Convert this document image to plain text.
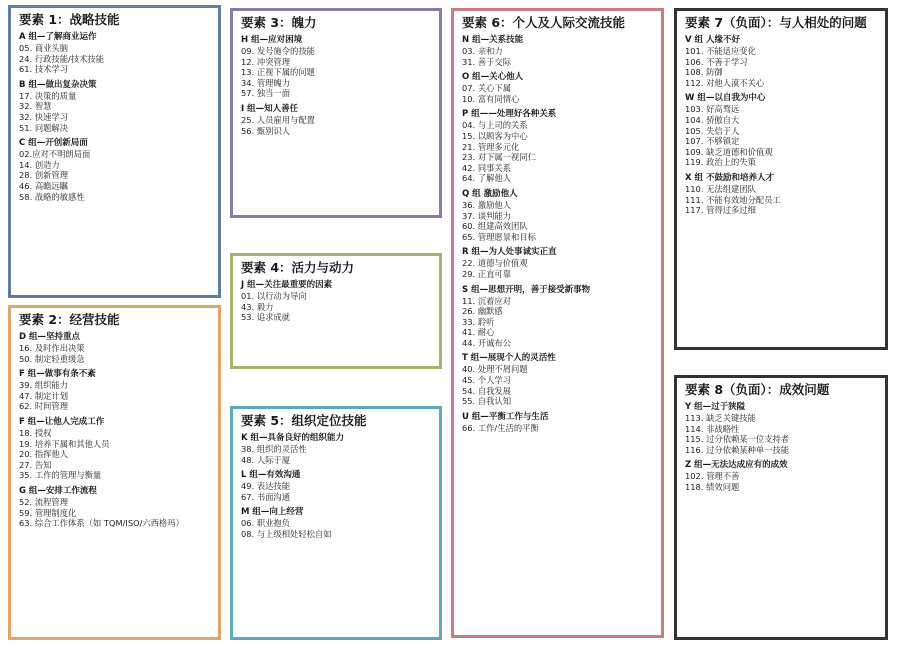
要素 1：战略技能
A 组—了解商业运作
05. 商业头脑
24. 行政技能/技术技能
61. 技术学习
B 组—做出复杂决策
17. 决策的质量
32. 智慧
32. 快速学习
51. 问题解决
C 组—开创新局面
02.应对不明朗局面
14. 创造力
28. 创新管理
46. 高瞻远瞩
58. 战略的敏感性
要素 2：经营技能
D 组—坚持重点
16. 及时作出决策
50. 制定轻重缓急
F 组—做事有条不紊
39. 组织能力
47. 制定计划
62. 时间管理
F 组—让他人完成工作
18. 授权
19. 培养下属和其他人员
20. 指挥他人
27. 告知
35. 工作的管理与衡量
G 组—安排工作流程
52. 流程管理
59. 管理制度化
63. 综合工作体系（如 TQM/ISO/六西格玛）
要素 3：魄力
H 组—应对困境
09. 发号施令的技能
12. 冲突管理
13. 正视下属的问题
34. 管理魄力
57. 独当一面
I 组—知人善任
25. 人员雇用与配置
56. 甄别识人
要素 4：活力与动力
J 组—关注最重要的因素
01. 以行动为导向
43. 毅力
53. 追求成就
要素 5：组织定位技能
K 组—具备良好的组织能力
38. 组织的灵活性
48. 人际于厦
L 组—有效沟通
49. 表达技能
67. 书面沟通
M 组—向上经营
06. 职业抱负
08. 与上级相处轻松自如
要素 6：个人及人际交流技能
N 组—关系技能
03. 亲和力
31. 善于交际
O 组—关心他人
07. 关心下属
10. 富有同情心
P 组——处理好各种关系
04. 与上司的关系
15. 以顾客为中心
21. 管理多元化
23. 对下属一视同仁
42. 同事关系
64. 了解他人
Q 组 激励他人
36. 激励他人
37. 谈判能力
60. 组建高效团队
65. 管理愿景和目标
R 组—为人处事诚实正直
22. 道德与价值观
29. 正直可靠
S 组—思想开明，善于接受新事物
11. 沉着应对
26. 幽默感
33. 聆听
41. 耐心
44. 开诚布公
T 组—展现个人的灵活性
40. 处理不屑问题
45. 个人学习
54. 自我发展
55. 自我认知
U 组—平衡工作与生活
66. 工作/生活的平衡
要素 7（负面）：与人相处的问题
V 组 人缘不好
101. 不能适应变化
106. 不善于学习
108. 防御
112. 对他人漠不关心
W 组—以自我为中心
103. 好高骛远
104. 骄傲自大
105. 失信于人
107. 不够镇定
109. 缺乏道德和价值观
119. 政治上的失策
X 组 不鼓励和培养人才
110. 无法组建团队
111. 不能有效地分配员工
117. 管得过多过细
要素 8（负面）：成效问题
Y 组—过于狭隘
113. 缺乏关键技能
114. 非战略性
115. 过分依赖某一位支持者
116. 过分依赖某种单一技能
Z 组—无法达成应有的成效
102. 管理不善
118. 绩效问题
